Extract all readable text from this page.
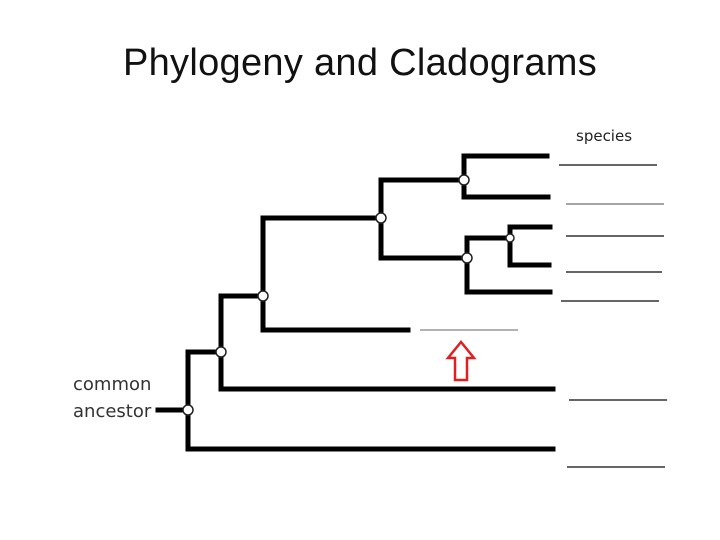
Phylogeny and Cladograms
species
common
ancestor
